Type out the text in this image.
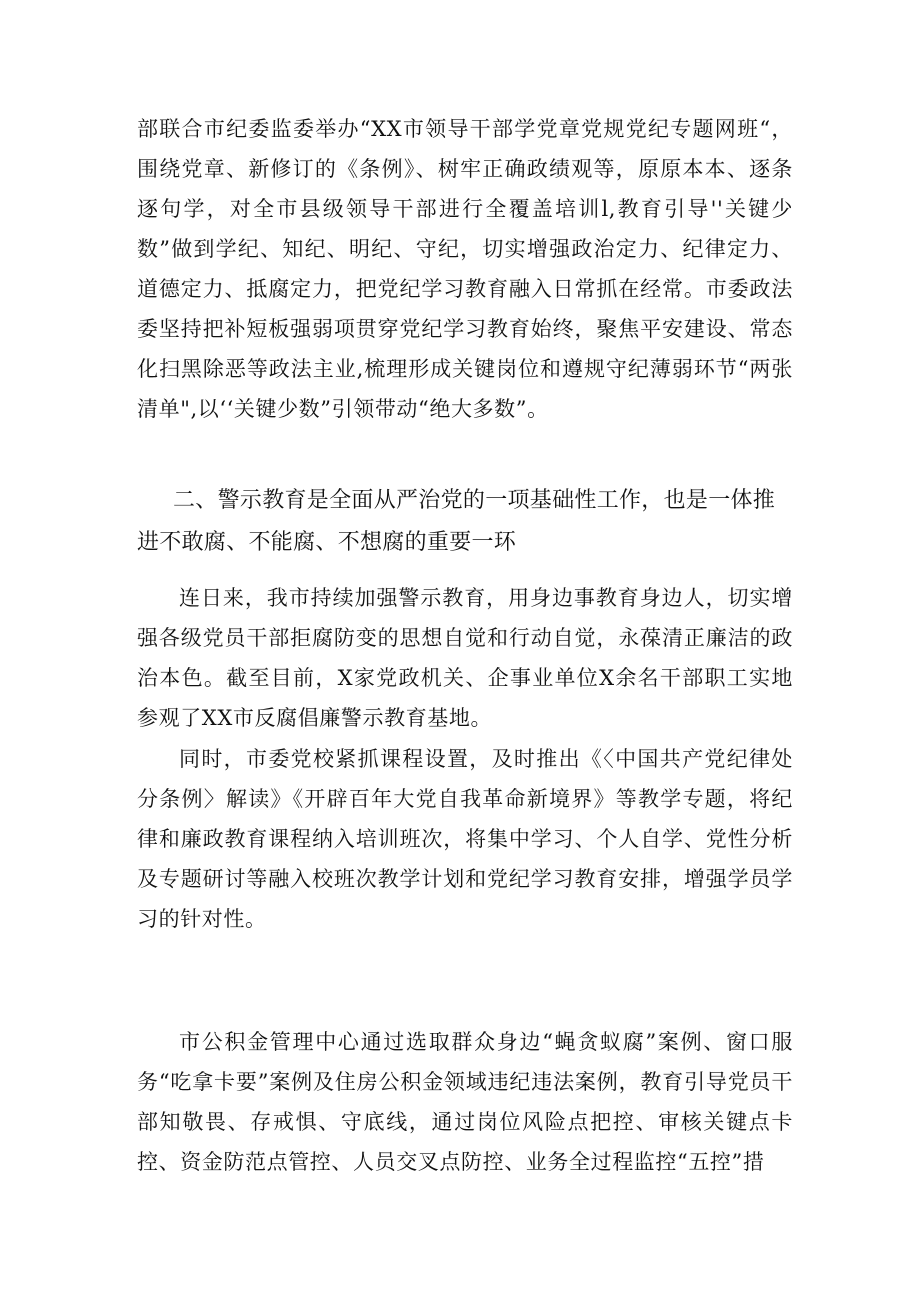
部联合市纪委监委举办“XX市领导干部学党章党规党纪专题网班“，围绕党章、新修订的《条例》、树牢正确政绩观等，原原本本、逐条逐句学，对全市县级领导干部进行全覆盖培训l,教育引导''关键少数”做到学纪、知纪、明纪、守纪，切实增强政治定力、纪律定力、道德定力、抵腐定力，把党纪学习教育融入日常抓在经常。市委政法委坚持把补短板强弱项贯穿党纪学习教育始终，聚焦平安建设、常态化扫黑除恶等政法主业,梳理形成关键岗位和遵规守纪薄弱环节“两张清单",以‘‘关键少数”引领带动“绝大多数”。

二、警示教育是全面从严治党的一项基础性工作，也是一体推进不敢腐、不能腐、不想腐的重要一环

连日来，我市持续加强警示教育，用身边事教育身边人，切实增强各级党员干部拒腐防变的思想自觉和行动自觉，永葆清正廉洁的政治本色。截至目前，X家党政机关、企事业单位X余名干部职工实地参观了XX市反腐倡廉警示教育基地。

同时，市委党校紧抓课程设置，及时推出《〈中国共产党纪律处分条例〉解读》《开辟百年大党自我革命新境界》等教学专题，将纪律和廉政教育课程纳入培训班次，将集中学习、个人自学、党性分析及专题研讨等融入校班次教学计划和党纪学习教育安排，增强学员学习的针对性。

市公积金管理中心通过选取群众身边“蝇贪蚁腐”案例、窗口服务“吃拿卡要”案例及住房公积金领域违纪违法案例，教育引导党员干部知敬畏、存戒惧、守底线，通过岗位风险点把控、审核关键点卡控、资金防范点管控、人员交叉点防控、业务全过程监控“五控”措
